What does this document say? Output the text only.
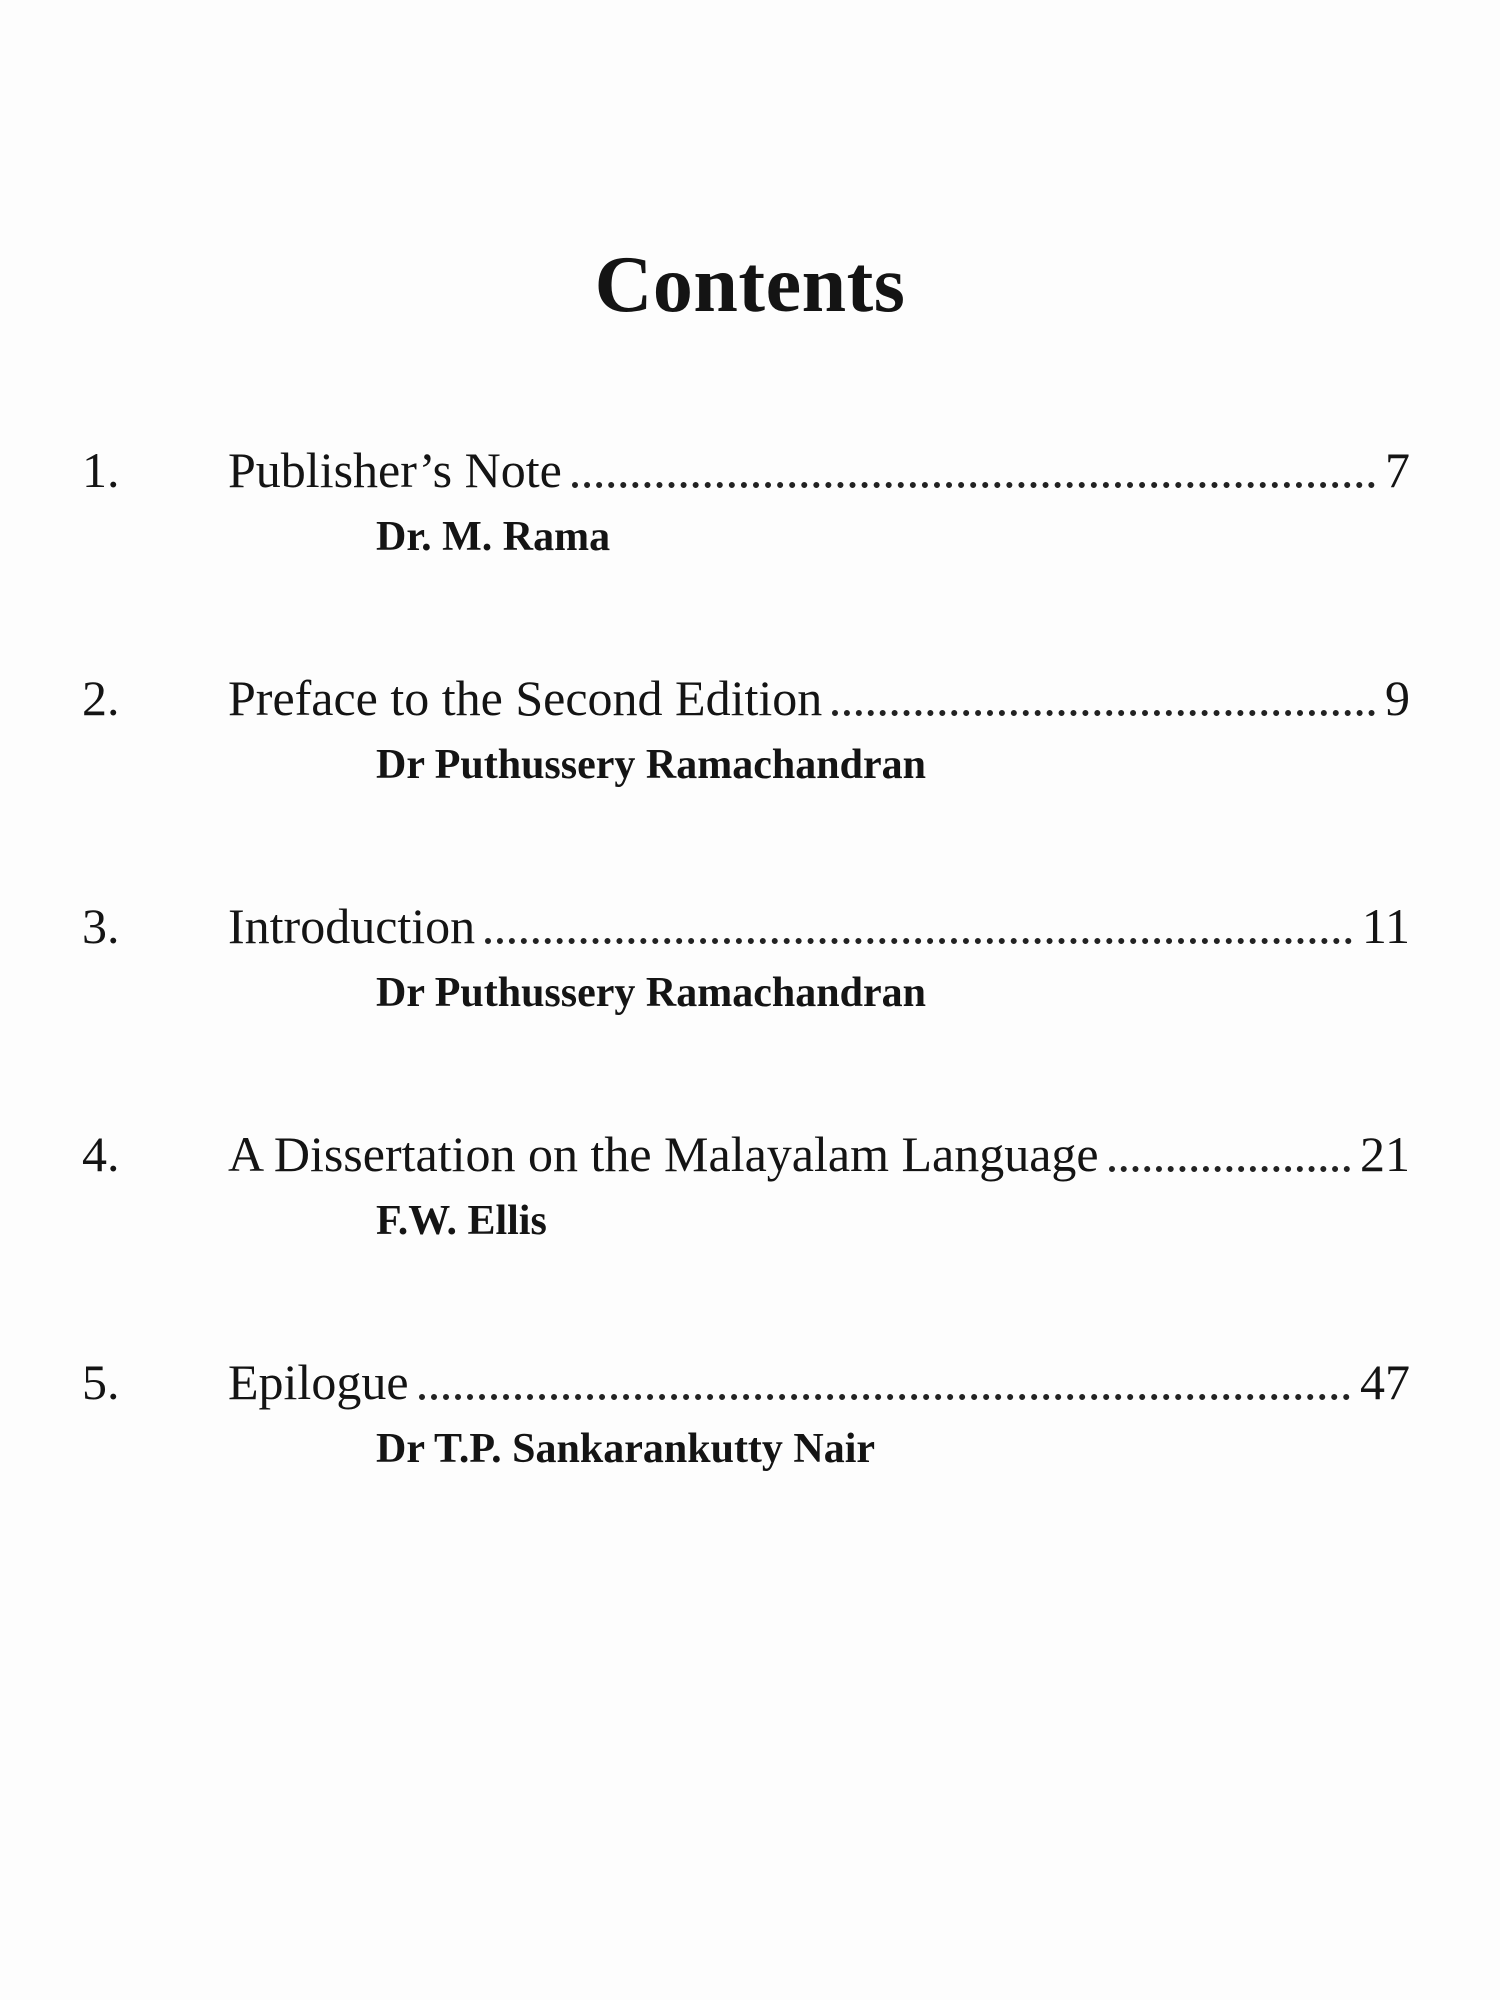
Contents
1. Publisher’s Note	7
Dr. M. Rama
2. Preface to the Second Edition	9
Dr Puthussery Ramachandran
3. Introduction	11
Dr Puthussery Ramachandran
4. A Dissertation on the Malayalam Language	21
F.W. Ellis
5. Epilogue	47
Dr T.P. Sankarankutty Nair
